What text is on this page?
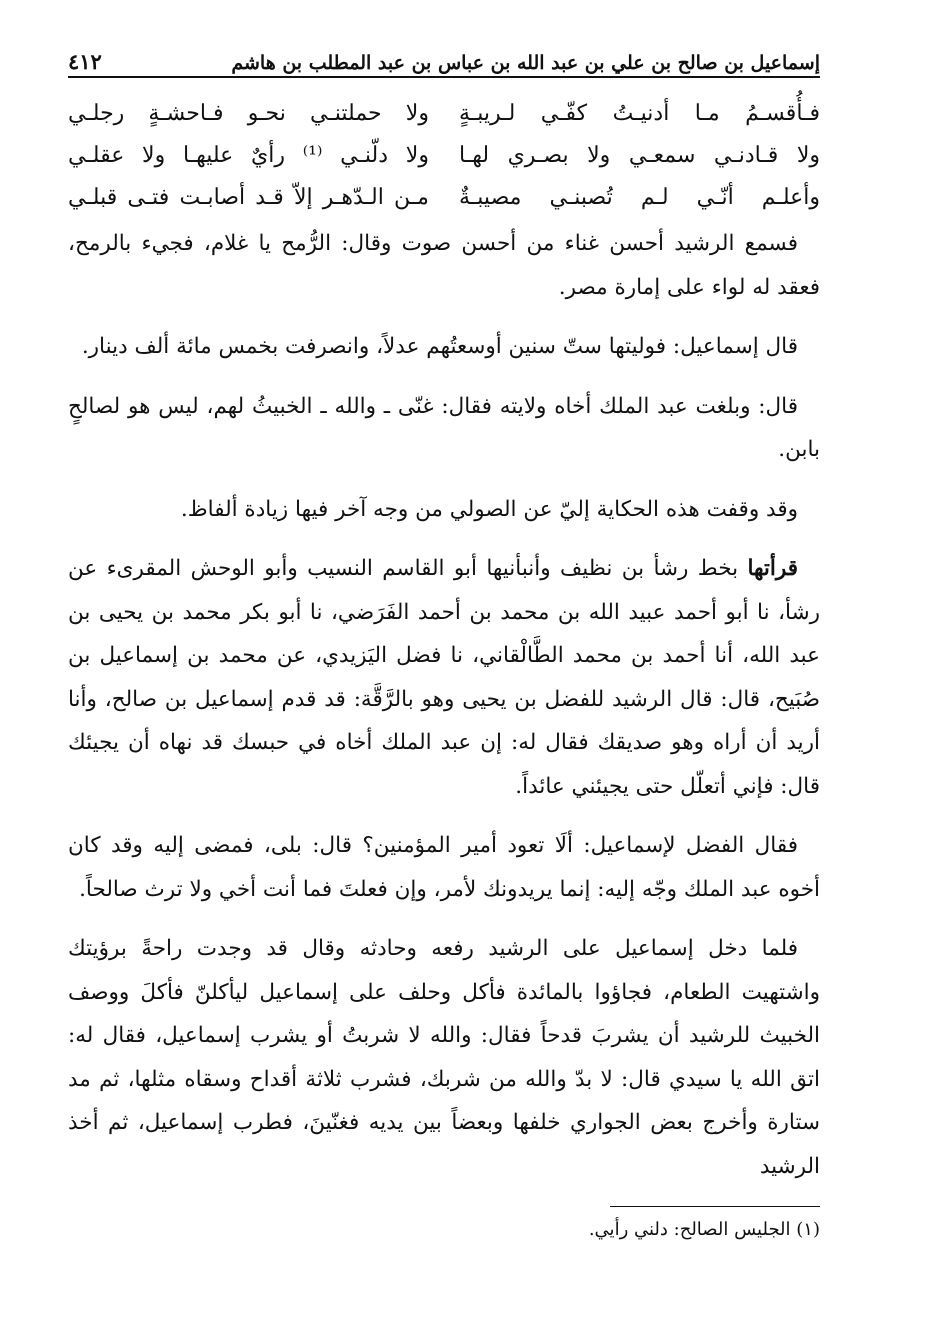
إسماعيل بن صالح بن علي بن عبد الله بن عباس بن عبد المطلب بن هاشم
٤١٢
فـأُقسـمُ مـا أدنيـتُ كفّـي لـريبـةٍ
ولا حملتنـي نحـو فـاحشـةٍ رجلـي
ولا قـادنـي سمعـي ولا بصـري لهـا
ولا دلّنـي ⁽¹⁾ رأيٌ عليهـا ولا عقلـي
وأعلـم أنّـي لـم تُصبنـي مصيبـةٌ
مـن الـدّهـر إلاّ قـد أصابـت فتـى قبلـي

فسمع الرشيد أحسن غناء من أحسن صوت وقال: الرُّمح يا غلام، فجيء بالرمح، فعقد له لواء على إمارة مصر.

قال إسماعيل: فوليتها ستّ سنين أوسعتُهم عدلاً، وانصرفت بخمس مائة ألف دينار.

قال: وبلغت عبد الملك أخاه ولايته فقال: غنّى ـ والله ـ الخبيثُ لهم، ليس هو لصالحٍ بابن.

وقد وقفت هذه الحكاية إليّ عن الصولي من وجه آخر فيها زيادة ألفاظ.

قرأتها بخط رشأ بن نظيف وأنبأنيها أبو القاسم النسيب وأبو الوحش المقرىء عن رشأ، نا أبو أحمد عبيد الله بن محمد بن أحمد الفَرَضي، نا أبو بكر محمد بن يحيى بن عبد الله، أنا أحمد بن محمد الطَّالْقاني، نا فضل اليَزيدي، عن محمد بن إسماعيل بن صُبَيح، قال: قال الرشيد للفضل بن يحيى وهو بالرَّقَّة: قد قدم إسماعيل بن صالح، وأنا أريد أن أراه وهو صديقك فقال له: إن عبد الملك أخاه في حبسك قد نهاه أن يجيئك قال: فإني أتعلّل حتى يجيئني عائداً.

فقال الفضل لإسماعيل: ألَا تعود أمير المؤمنين؟ قال: بلى، فمضى إليه وقد كان أخوه عبد الملك وجّه إليه: إنما يريدونك لأمر، وإن فعلتَ فما أنت أخي ولا ترث صالحاً.

فلما دخل إسماعيل على الرشيد رفعه وحادثه وقال قد وجدت راحةً برؤيتك واشتهيت الطعام، فجاؤوا بالمائدة فأكل وحلف على إسماعيل ليأكلنّ فأكلَ ووصف الخبيث للرشيد أن يشربَ قدحاً فقال: والله لا شربتُ أو يشرب إسماعيل، فقال له: اتق الله يا سيدي قال: لا بدّ والله من شربك، فشرب ثلاثة أقداح وسقاه مثلها، ثم مد ستارة وأخرج بعض الجواري خلفها وبعضاً بين يديه فغنّينَ، فطرب إسماعيل، ثم أخذ الرشيد

(١) الجليس الصالح: دلني رأيي.
